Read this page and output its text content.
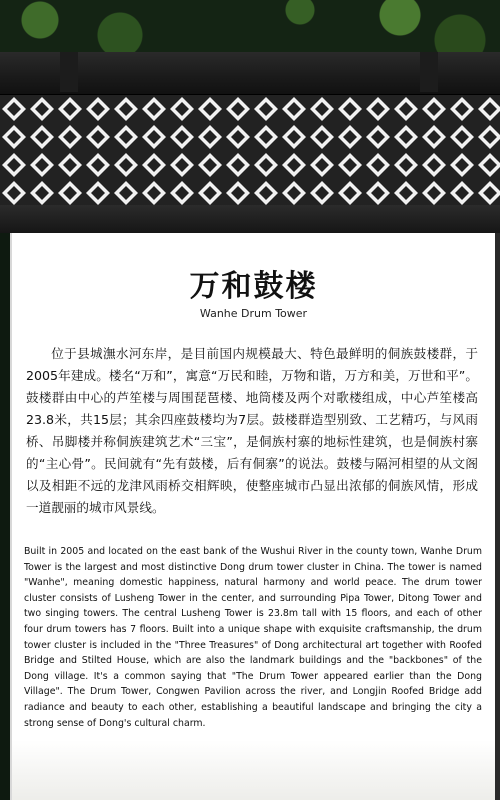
万和鼓楼
Wanhe Drum Tower
位于县城潕水河东岸，是目前国内规模最大、特色最鲜明的侗族鼓楼群，于2005年建成。楼名“万和”，寓意“万民和睦，万物和谐，万方和美，万世和平”。鼓楼群由中心的芦笙楼与周围琵琶楼、地筒楼及两个对歌楼组成，中心芦笙楼高23.8米，共15层；其余四座鼓楼均为7层。鼓楼群造型别致、工艺精巧，与风雨桥、吊脚楼并称侗族建筑艺术“三宝”，是侗族村寨的地标性建筑，也是侗族村寨的“主心骨”。民间就有“先有鼓楼，后有侗寨”的说法。鼓楼与隔河相望的从文阁以及相距不远的龙津风雨桥交相辉映，使整座城市凸显出浓郁的侗族风情，形成一道靓丽的城市风景线。
Built in 2005 and located on the east bank of the Wushui River in the county town, Wanhe Drum Tower is the largest and most distinctive Dong drum tower cluster in China. The tower is named "Wanhe", meaning domestic happiness, natural harmony and world peace. The drum tower cluster consists of Lusheng Tower in the center, and surrounding Pipa Tower, Ditong Tower and two singing towers. The central Lusheng Tower is 23.8m tall with 15 floors, and each of other four drum towers has 7 floors. Built into a unique shape with exquisite craftsmanship, the drum tower cluster is included in the "Three Treasures" of Dong architectural art together with Roofed Bridge and Stilted House, which are also the landmark buildings and the "backbones" of the Dong village. It's a common saying that "The Drum Tower appeared earlier than the Dong Village". The Drum Tower, Congwen Pavilion across the river, and Longjin Roofed Bridge add radiance and beauty to each other, establishing a beautiful landscape and bringing the city a strong sense of Dong's cultural charm.
